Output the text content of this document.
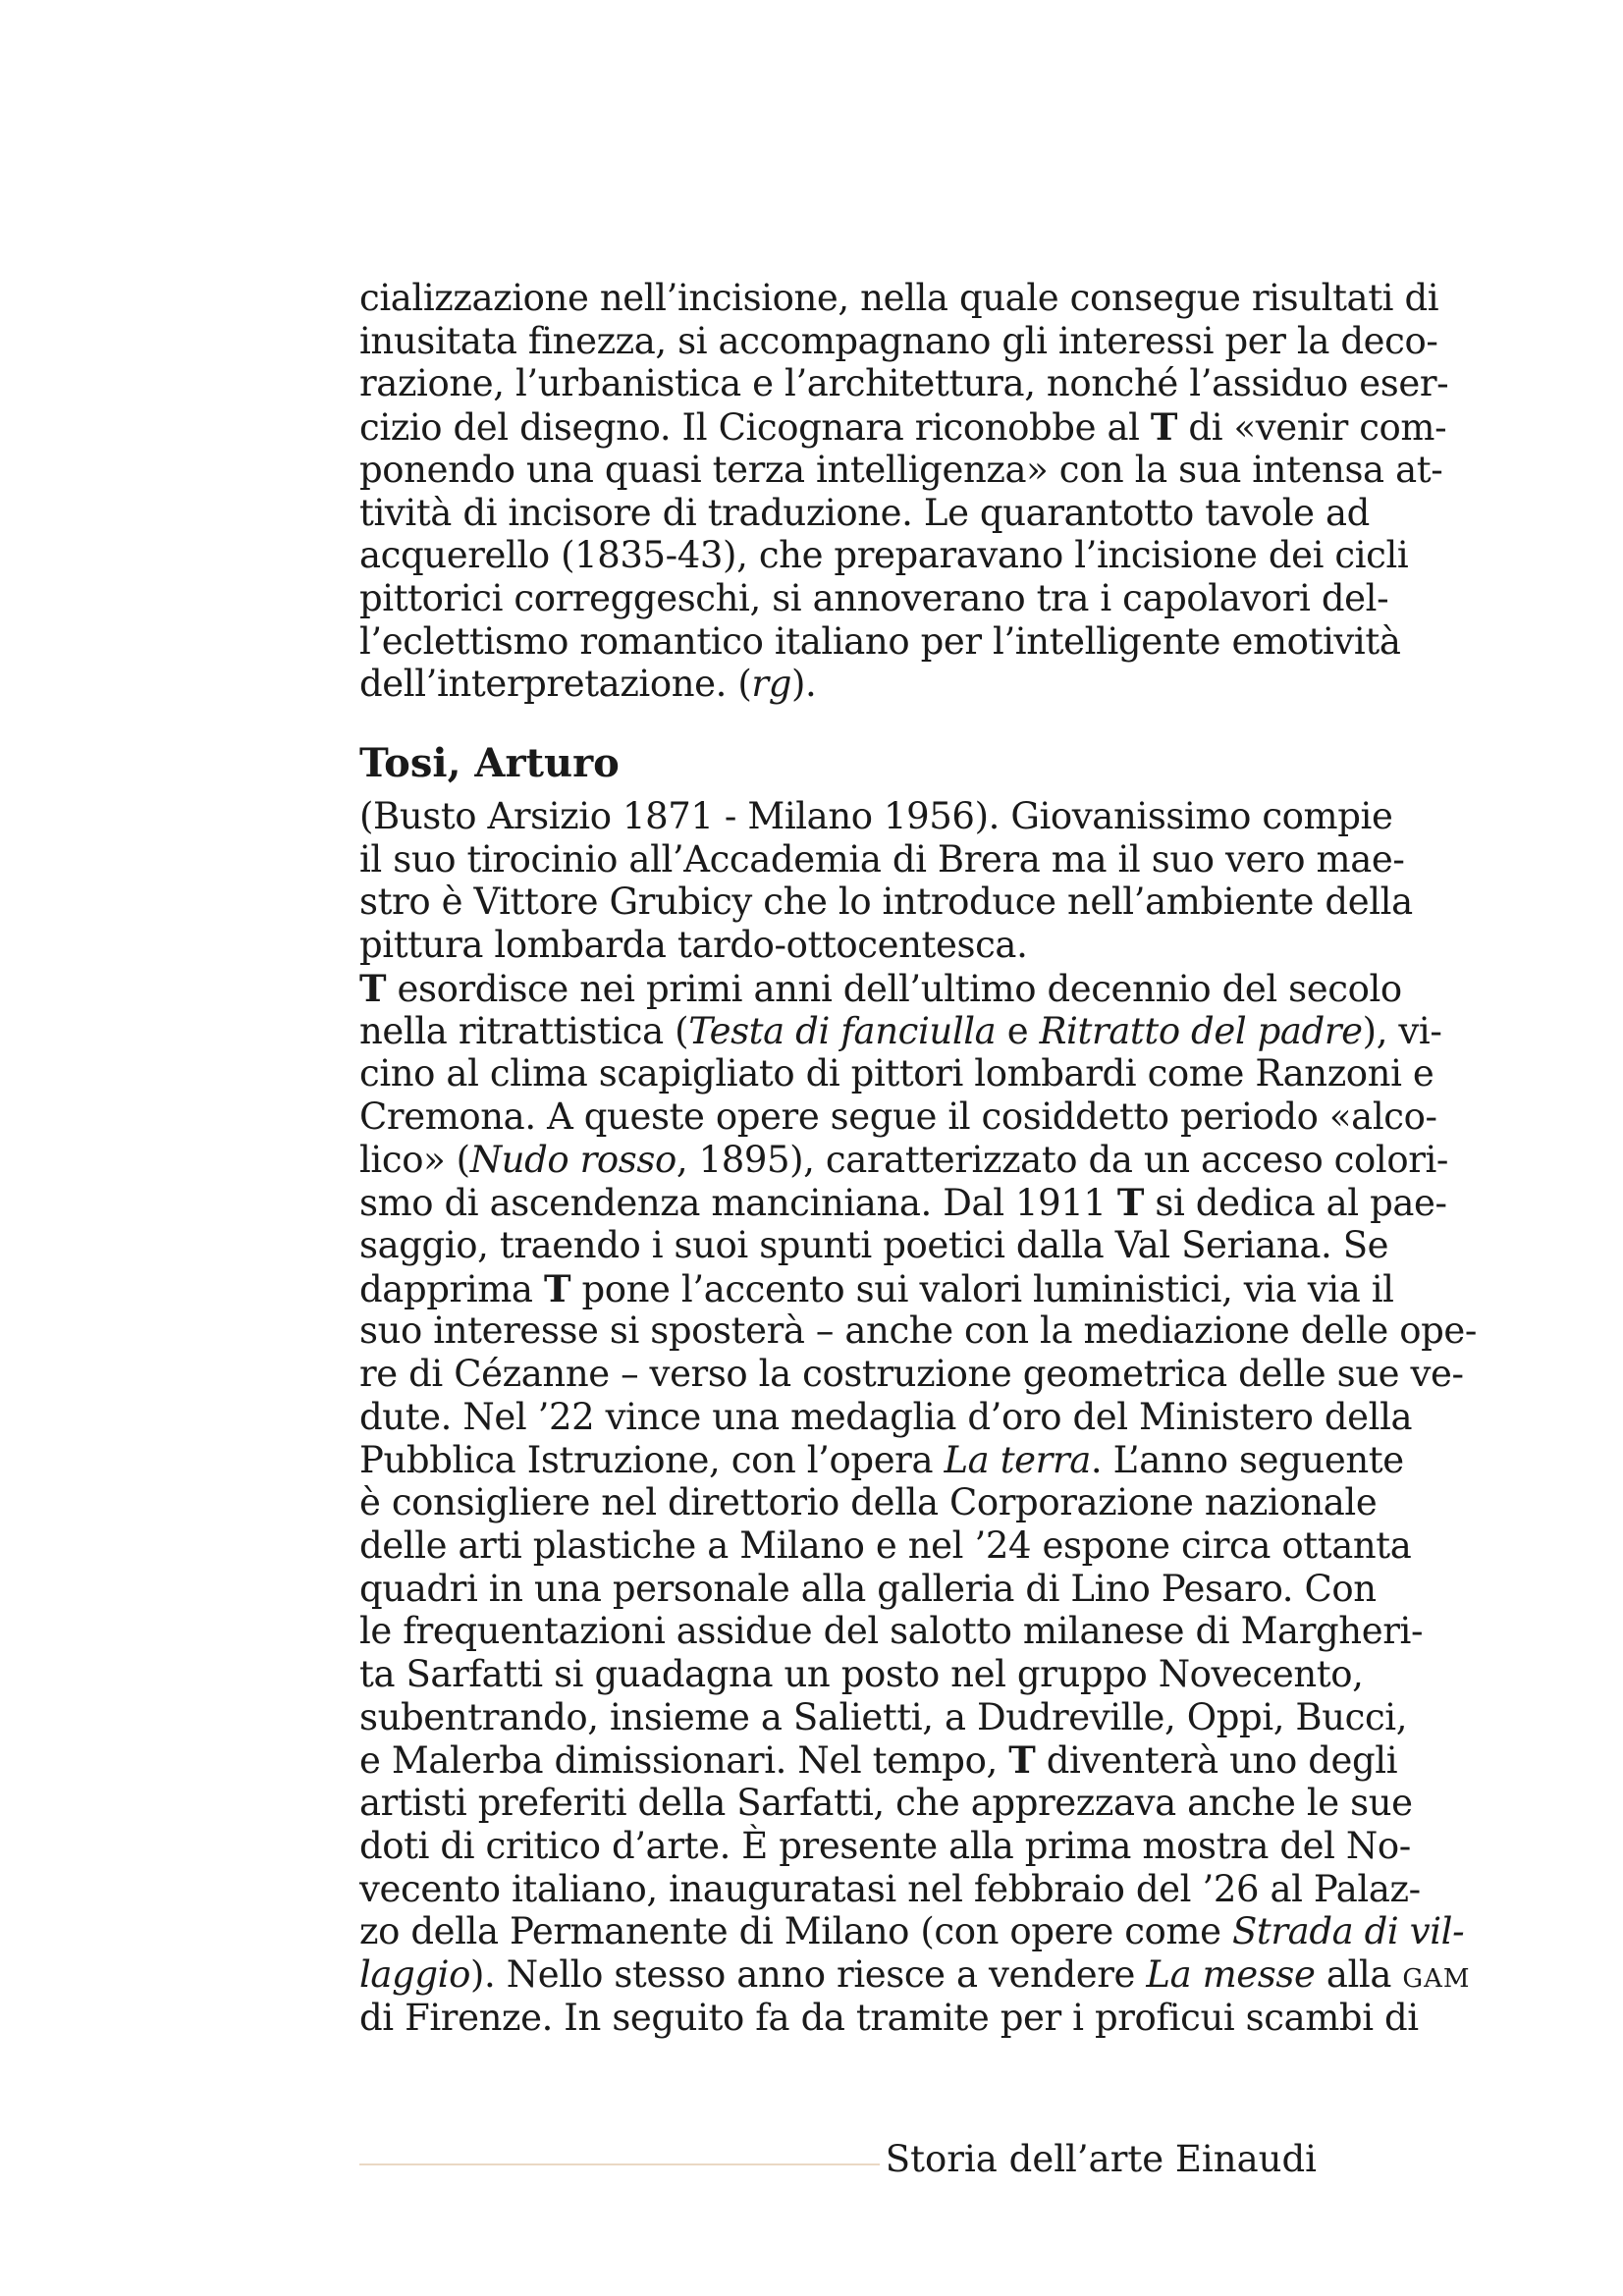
cializzazione nell’incisione, nella quale consegue risultati di
inusitata finezza, si accompagnano gli interessi per la deco-
razione, l’urbanistica e l’architettura, nonché l’assiduo eser-
cizio del disegno. Il Cicognara riconobbe al T di «venir com-
ponendo una quasi terza intelligenza» con la sua intensa at-
tività di incisore di traduzione. Le quarantotto tavole ad
acquerello (1835-43), che preparavano l’incisione dei cicli
pittorici correggeschi, si annoverano tra i capolavori del-
l’eclettismo romantico italiano per l’intelligente emotività
dell’interpretazione. (rg).
Tosi, Arturo
(Busto Arsizio 1871 - Milano 1956). Giovanissimo compie
il suo tirocinio all’Accademia di Brera ma il suo vero mae-
stro è Vittore Grubicy che lo introduce nell’ambiente della
pittura lombarda tardo-ottocentesca.
T esordisce nei primi anni dell’ultimo decennio del secolo
nella ritrattistica (Testa di fanciulla e Ritratto del padre), vi-
cino al clima scapigliato di pittori lombardi come Ranzoni e
Cremona. A queste opere segue il cosiddetto periodo «alco-
lico» (Nudo rosso, 1895), caratterizzato da un acceso colori-
smo di ascendenza manciniana. Dal 1911 T si dedica al pae-
saggio, traendo i suoi spunti poetici dalla Val Seriana. Se
dapprima T pone l’accento sui valori luministici, via via il
suo interesse si sposterà – anche con la mediazione delle ope-
re di Cézanne – verso la costruzione geometrica delle sue ve-
dute. Nel ’22 vince una medaglia d’oro del Ministero della
Pubblica Istruzione, con l’opera La terra. L’anno seguente
è consigliere nel direttorio della Corporazione nazionale
delle arti plastiche a Milano e nel ’24 espone circa ottanta
quadri in una personale alla galleria di Lino Pesaro. Con
le frequentazioni assidue del salotto milanese di Margheri-
ta Sarfatti si guadagna un posto nel gruppo Novecento,
subentrando, insieme a Salietti, a Dudreville, Oppi, Bucci,
e Malerba dimissionari. Nel tempo, T diventerà uno degli
artisti preferiti della Sarfatti, che apprezzava anche le sue
doti di critico d’arte. È presente alla prima mostra del No-
vecento italiano, inauguratasi nel febbraio del ’26 al Palaz-
zo della Permanente di Milano (con opere come Strada di vil-
laggio). Nello stesso anno riesce a vendere La messe alla GAM
di Firenze. In seguito fa da tramite per i proficui scambi di
Storia dell’arte Einaudi
